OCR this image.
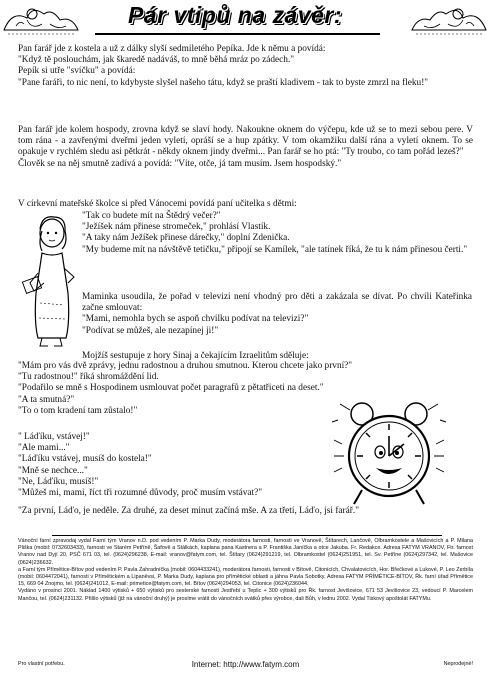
Pár vtipů na závěr:

Pan farář jde z kostela a už z dálky slyší sedmiletého Pepíka. Jde k němu a povídá:

"Když tě poslouchám, jak škaredě nadáváš, to mně běhá mráz po zádech."

Pepík si utře "svíčku" a povídá:

"Pane faráři, to nic není, to kdybyste slyšel našeho tátu, když se praští kladivem - tak to byste zmrzl na fleku!"

Pan farář jde kolem hospody, zrovna když se slaví hody. Nakoukne oknem do výčepu, kde už se to mezi sebou pere. V tom rána - a zavřenými dveřmi jeden vyletí, opráší se a hup zpátky. V tom okamžiku další rána a vyletí oknem. To se opakuje v rychlém sledu asi pětkrát - někdy oknem jindy dveřmi... Pan farář se ho ptá: "Ty troubo, co tam pořád lezeš?"

Člověk se na něj smutně zadívá a povídá: "Víte, otče, já tam musím. Jsem hospodský."

V církevní mateřské školce si před Vánocemi povídá paní učitelka s dětmi:

"Tak co budete mít na Štědrý večer?"

"Ježíšek nám přinese stromeček," prohlásí Vlastík.

"A taky nám Ježíšek přinese dárečky," doplní Zdenička.

"My budeme mít na návštěvě tetičku," připojí se Kamílek, "ale tatínek říká, že tu k nám přinesou čerti."

Maminka usoudila, že pořad v televizi není vhodný pro děti a zakázala se dívat. Po chvíli Kateřinka začne smlouvat:

"Mami, nemohla bych se aspoň chvilku podívat na televizi?"

"Podívat se můžeš, ale nezapínej ji!"

Mojžíš sestupuje z hory Sinaj a čekajícím Izraelitům sděluje:

"Mám pro vás dvě zprávy, jednu radostnou a druhou smutnou. Kterou chcete jako první?"

"Tu radostnou!" říká shromáždění lid.

"Podařilo se mně s Hospodinem usmlouvat počet paragrafů z pětatřiceti na deset."

"A ta smutná?"

"To o tom kradení tam zůstalo!"

" Láďíku, vstávej!"

"Ale mami..."

"Láďíku vstávej, musíš do kostela!"

"Mně se nechce..."

"Ne, Láďíku, musíš!"

"Můžeš mi, mami, říct tři rozumné důvody, proč musím vstávat?"

"Za první, Láďo, je neděle. Za druhé, za deset minut začíná mše. A za třetí, Láďo, jsi farář."

Vánoční farní zpravodaj vydal Farní tým Vranov n.D. pod vedením P. Marka Dudy, moderátora farnosti, farnosti ve Vranově, Štítarech, Lančově, Olbramkostele a Mašovicích a P. Milana Pliška (mobil: 0732603433), farnosti ve Starém Petříně, Šafově a Stálkách, kaplana pana Kastnera a P. Františka Janíčka a otce Jakuba. Fr. Redakce. Adresa FATYM VRANOV, Ftr. farnost Vranov nad Dyjí 20, PSČ 671 03, tel. (0624)296238, E-mail: vranov@fatym.com, tel. Štítary (0624)291219, tel. Olbramkostel (0624)251951, tel. Sv. Petříne (0624)297342, tel. Mašovice (0624)236632.

a Farní tým Přímětice-Bítov pod vedením P. Pavla Zahradníčka (mobil: 0604433241), moderátora farnosti, farnosti v Bítově, Citonicích, Chvalatovicích, Hor. Břečkové a Lukové, P. Leo Zerbíla (mobil: 0604472041), farnosti v Přímětickém a Lipaněvsi, P. Marka Dudy, kaplana pro přímětické oblasti a jáhna Pavla Sobotky. Adresa FATYM PŘÍMĚTICE-BÍTOV, Řk. farní úřad Přímětice 15, 669 04 Znojmo, tel. (0624)241012, E-mail: primetice@fatym.com, tel. Bítov (0624)294053, tel. Citonice (0624)236044.

Vydáno v prosinci 2001. Náklad 1400 výtisků + 650 výtisků pro sesterské farnosti Jestřebí u Teplic + 300 výtisků pro Řk. farnost Jevišovice, 671 53 Jevišovice 23, vedoucí P. Marcelem Mančou, tel. (0624)231132. Přišlo výtisků (již na vánoční druhý) je prosíme vrátit do vánočních svátků přes výrobce, dali Bůh, v lednu 2002. Vydal Tiskový apoštolát FATYMu.

Pro vlastní potřebu.	Internet: http://www.fatym.com	Neprodejné!
